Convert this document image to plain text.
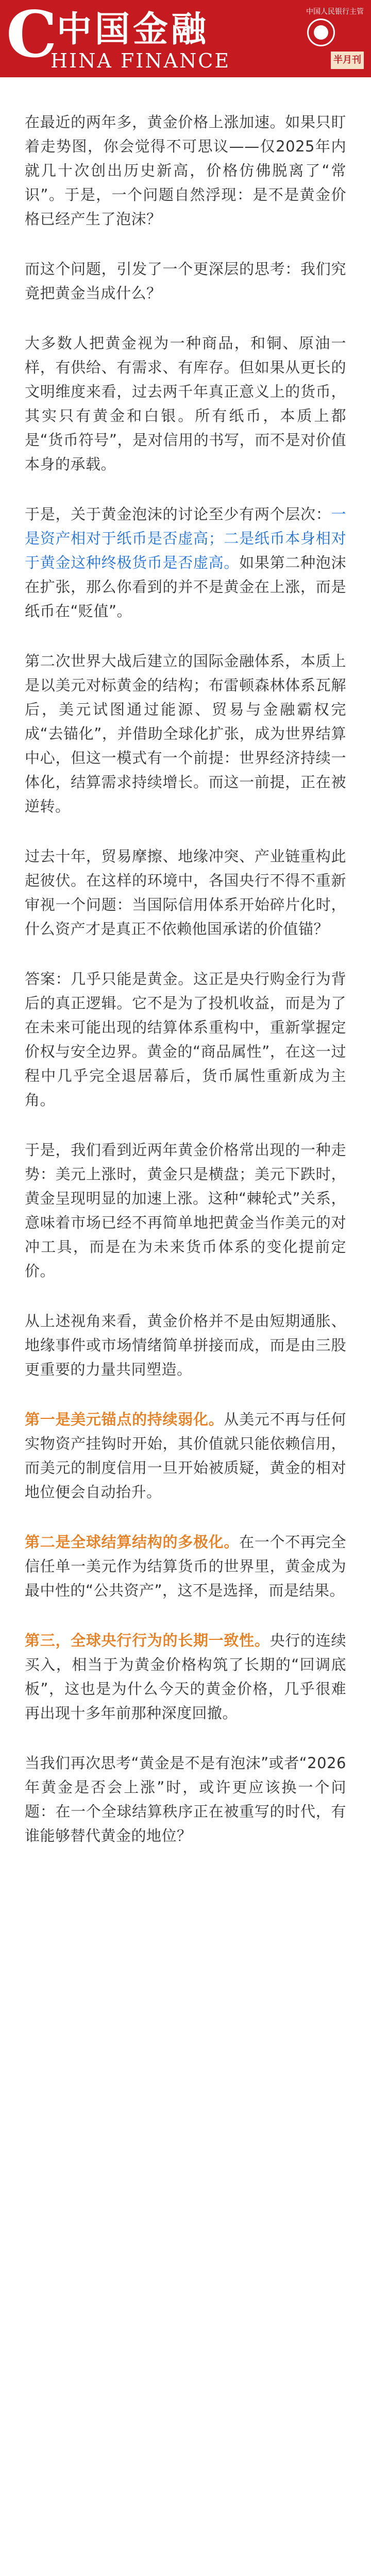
C 中国金融
HINA FINANCE
中国人民银行主管
半月刊

在最近的两年多，黄金价格上涨加速。如果只盯着走势图，你会觉得不可思议——仅2025年内就几十次创出历史新高，价格仿佛脱离了“常识”。于是，一个问题自然浮现：是不是黄金价格已经产生了泡沫？

而这个问题，引发了一个更深层的思考：我们究竟把黄金当成什么？

大多数人把黄金视为一种商品，和铜、原油一样，有供给、有需求、有库存。但如果从更长的文明维度来看，过去两千年真正意义上的货币，其实只有黄金和白银。所有纸币，本质上都是“货币符号”，是对信用的书写，而不是对价值本身的承载。

于是，关于黄金泡沫的讨论至少有两个层次：一是资产相对于纸币是否虚高；二是纸币本身相对于黄金这种终极货币是否虚高。如果第二种泡沫在扩张，那么你看到的并不是黄金在上涨，而是纸币在“贬值”。

第二次世界大战后建立的国际金融体系，本质上是以美元对标黄金的结构；布雷顿森林体系瓦解后，美元试图通过能源、贸易与金融霸权完成“去锚化”，并借助全球化扩张，成为世界结算中心，但这一模式有一个前提：世界经济持续一体化，结算需求持续增长。而这一前提，正在被逆转。

过去十年，贸易摩擦、地缘冲突、产业链重构此起彼伏。在这样的环境中，各国央行不得不重新审视一个问题：当国际信用体系开始碎片化时，什么资产才是真正不依赖他国承诺的价值锚？

答案：几乎只能是黄金。这正是央行购金行为背后的真正逻辑。它不是为了投机收益，而是为了在未来可能出现的结算体系重构中，重新掌握定价权与安全边界。黄金的“商品属性”，在这一过程中几乎完全退居幕后，货币属性重新成为主角。

于是，我们看到近两年黄金价格常出现的一种走势：美元上涨时，黄金只是横盘；美元下跌时，黄金呈现明显的加速上涨。这种“棘轮式”关系，意味着市场已经不再简单地把黄金当作美元的对冲工具，而是在为未来货币体系的变化提前定价。

从上述视角来看，黄金价格并不是由短期通胀、地缘事件或市场情绪简单拼接而成，而是由三股更重要的力量共同塑造。

第一是美元锚点的持续弱化。从美元不再与任何实物资产挂钩时开始，其价值就只能依赖信用，而美元的制度信用一旦开始被质疑，黄金的相对地位便会自动抬升。

第二是全球结算结构的多极化。在一个不再完全信任单一美元作为结算货币的世界里，黄金成为最中性的“公共资产”，这不是选择，而是结果。

第三，全球央行行为的长期一致性。央行的连续买入，相当于为黄金价格构筑了长期的“回调底板”，这也是为什么今天的黄金价格，几乎很难再出现十多年前那种深度回撤。

当我们再次思考“黄金是不是有泡沫”或者“2026年黄金是否会上涨”时，或许更应该换一个问题：在一个全球结算秩序正在被重写的时代，有谁能够替代黄金的地位？
